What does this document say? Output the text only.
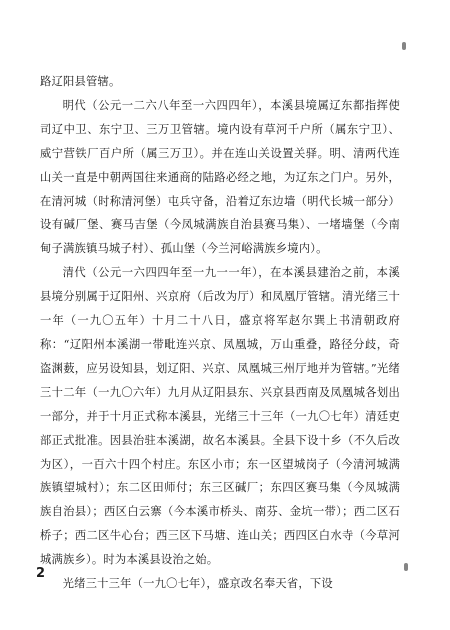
路辽阳县管辖。

明代（公元一二六八年至一六四四年），本溪县境属辽东都指挥使司辽中卫、东宁卫、三万卫管辖。境内设有草河千户所（属东宁卫）、威宁营铁厂百户所（属三万卫）。并在连山关设置关驿。明、清两代连山关一直是中朝两国往来通商的陆路必经之地，为辽东之门户。另外，在清河城（时称清河堡）屯兵守备，沿着辽东边墙（明代长城一部分）设有碱厂堡、赛马吉堡（今凤城满族自治县赛马集）、一堵墙堡（今南甸子满族镇马城子村）、孤山堡（今兰河峪满族乡境内）。

清代（公元一六四四年至一九一一年），在本溪县建治之前，本溪县境分别属于辽阳州、兴京府（后改为厅）和凤凰厅管辖。清光绪三十一年（一九〇五年）十月二十八日，盛京将军赵尔巽上书清朝政府称：“辽阳州本溪湖一带毗连兴京、凤凰城，万山重叠，路径分歧，奇盗渊薮，应另设知县，划辽阳、兴京、凤凰城三州厅地并为管辖。”光绪三十二年（一九〇六年）九月从辽阳县东、兴京县西南及凤凰城各划出一部分，并于十月正式称本溪县，光绪三十三年（一九〇七年）清廷吏部正式批准。因县治驻本溪湖，故名本溪县。全县下设十乡（不久后改为区），一百六十四个村庄。东区小市；东一区望城岗子（今清河城满族镇望城村）；东二区田师付；东三区碱厂；东四区赛马集（今凤城满族自治县）；西区白云寨（今本溪市桥头、南芬、金坑一带）；西二区石桥子；西二区牛心台；西三区下马塘、连山关；西四区白水寺（今草河城满族乡）。时为本溪县设治之始。

光绪三十三年（一九〇七年），盛京改名奉天省，下设

2
